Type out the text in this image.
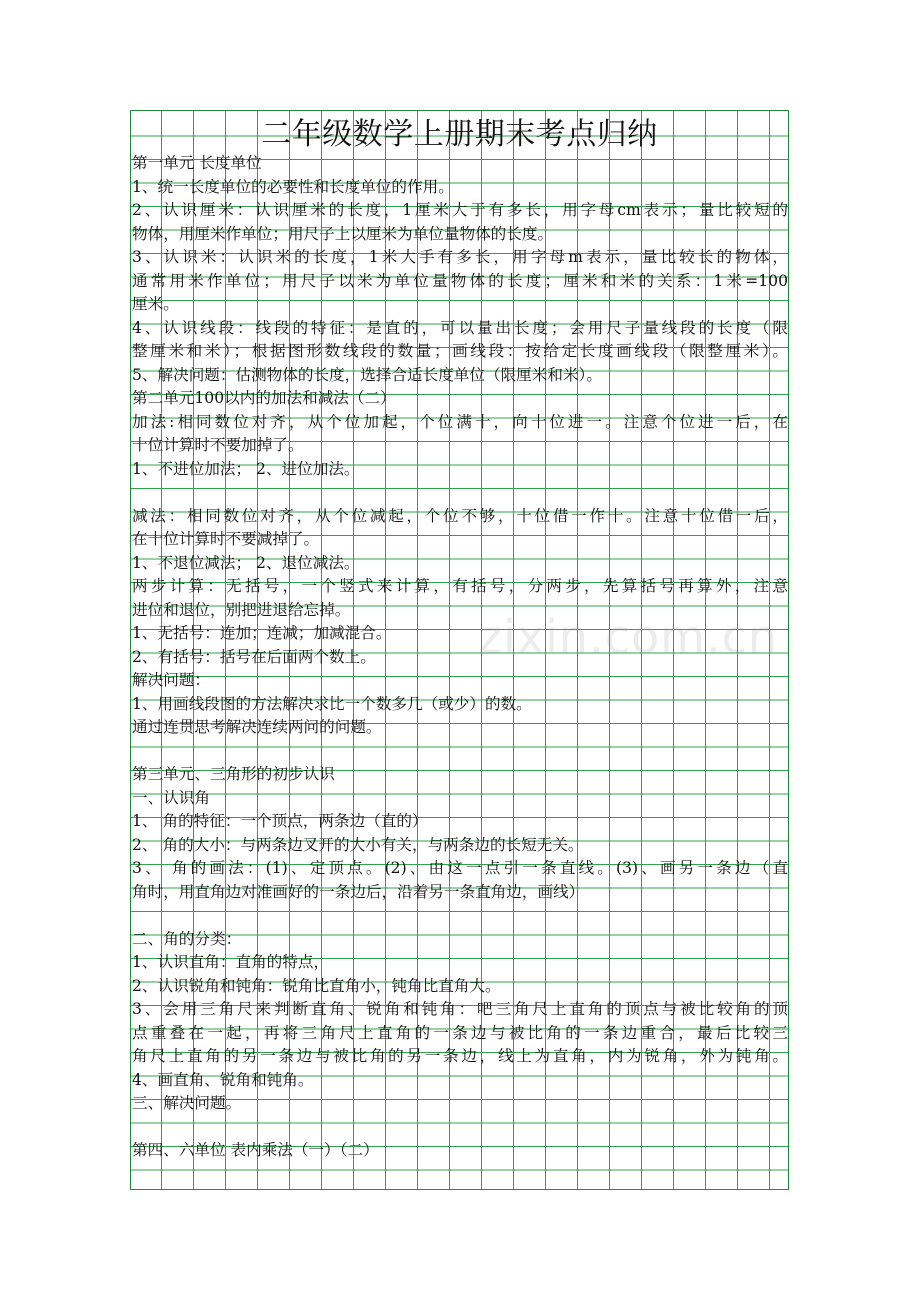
二年级数学上册期末考点归纳
第一单元 长度单位
1、统一长度单位的必要性和长度单位的作用。
2、认识厘米：认识厘米的长度，1厘米大于有多长，用字母cm表示；量比较短的
物体，用厘米作单位；用尺子上以厘米为单位量物体的长度。
3、认识米：认识米的长度，1米大手有多长，用字母m表示，量比较长的物体，
通常用米作单位；用尺子以米为单位量物体的长度；厘米和米的关系：1米=100
厘米。
4、认识线段：线段的特征：是直的，可以量出长度；会用尺子量线段的长度（限
整厘米和米）；根据图形数线段的数量；画线段：按给定长度画线段（限整厘米）。
5、解决问题：估测物体的长度，选择合适长度单位（限厘米和米）。
第二单元100以内的加法和减法（二）
加法:相同数位对齐，从个位加起，个位满十，向十位进一。注意个位进一后，在
十位计算时不要加掉了。
1、不进位加法； 2、进位加法。
减法：相同数位对齐，从个位减起，个位不够，十位借一作十。注意十位借一后，
在十位计算时不要减掉了。
1、不退位减法； 2、退位减法。
两步计算：无括号，一个竖式来计算，有括号，分两步，先算括号再算外，注意
进位和退位，别把进退给忘掉。
1、无括号：连加；连减；加减混合。
2、有括号：括号在后面两个数上。
解决问题：
1、用画线段图的方法解决求比一个数多几（或少）的数。
通过连贯思考解决连续两问的问题。
第三单元、三角形的初步认识
一、认识角
1、 角的特征：一个顶点，两条边（直的）
2、 角的大小：与两条边叉开的大小有关，与两条边的长短无关。
3、 角的画法：(1)、定顶点。(2)、由这一点引一条直线。(3)、画另一条边（直
角时，用直角边对准画好的一条边后，沿着另一条直角边，画线）
二、角的分类：
1、认识直角：直角的特点，
2、认识锐角和钝角：锐角比直角小，钝角比直角大。
3、会用三角尺来判断直角、锐角和钝角：吧三角尺上直角的顶点与被比较角的顶
点重叠在一起，再将三角尺上直角的一条边与被比角的一条边重合，最后比较三
角尺上直角的另一条边与被比角的另一条边，线上为直角，内为锐角，外为钝角。
4、画直角、锐角和钝角。
三、解决问题。
第四、六单位 表内乘法（一）（二）
